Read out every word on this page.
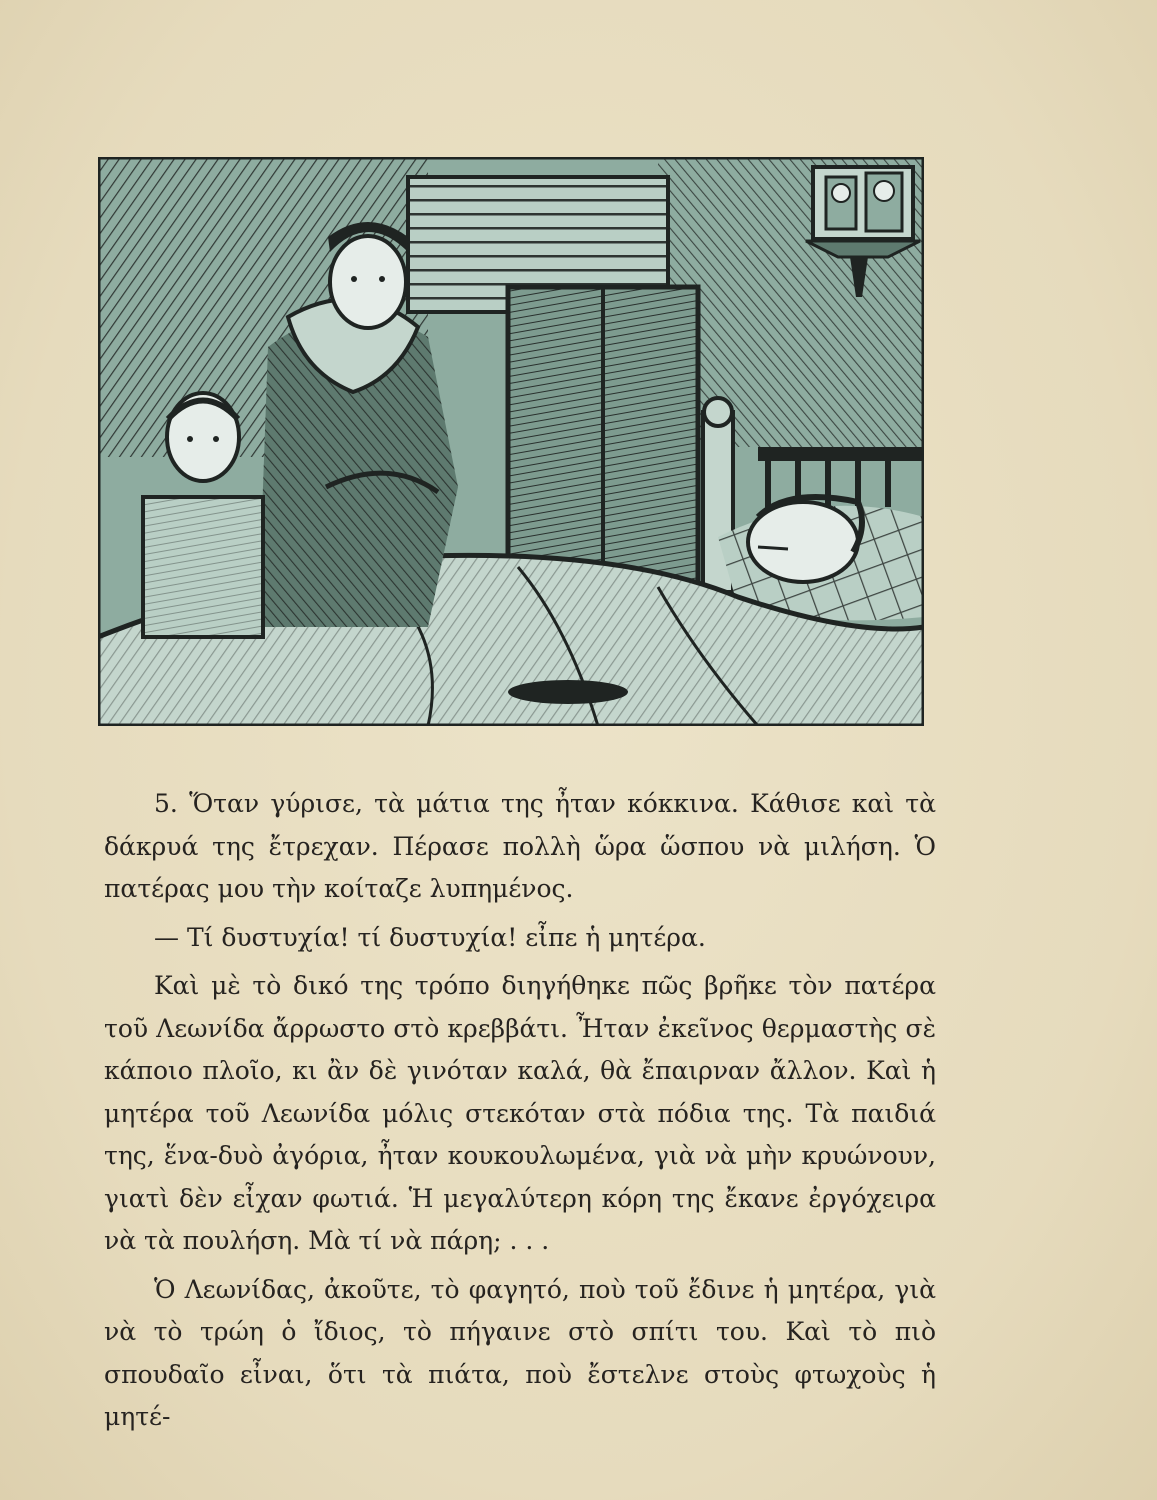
5. Ὅταν γύρισε, τὰ μάτια της ἦταν κόκκινα. Κάθισε καὶ τὰ δάκρυά της ἔτρεχαν. Πέρασε πολλὴ ὥρα ὥσπου νὰ μιλήση. Ὁ πατέρας μου τὴν κοίταζε λυπημένος.

— Τί δυστυχία! τί δυστυχία! εἶπε ἡ μητέρα.

Καὶ μὲ τὸ δικό της τρόπο διηγήθηκε πῶς βρῆκε τὸν πατέρα τοῦ Λεωνίδα ἄρρωστο στὸ κρεββάτι. Ἦταν ἐκεῖνος θερμαστὴς σὲ κάποιο πλοῖο, κι ἂν δὲ γινόταν καλά, θὰ ἔπαιρναν ἄλλον. Καὶ ἡ μητέρα τοῦ Λεωνίδα μόλις στεκόταν στὰ πόδια της. Τὰ παιδιά της, ἕνα-δυὸ ἀγόρια, ἦταν κουκουλωμένα, γιὰ νὰ μὴν κρυώνουν, γιατὶ δὲν εἶχαν φωτιά. Ἡ μεγαλύτερη κόρη της ἔκανε ἐργόχειρα νὰ τὰ πουλήση. Μὰ τί νὰ πάρη; . . .

Ὁ Λεωνίδας, ἀκοῦτε, τὸ φαγητό, ποὺ τοῦ ἔδινε ἡ μητέρα, γιὰ νὰ τὸ τρώη ὁ ἴδιος, τὸ πήγαινε στὸ σπίτι του. Καὶ τὸ πιὸ σπουδαῖο εἶναι, ὅτι τὰ πιάτα, ποὺ ἔστελνε στοὺς φτωχοὺς ἡ μητέ-
